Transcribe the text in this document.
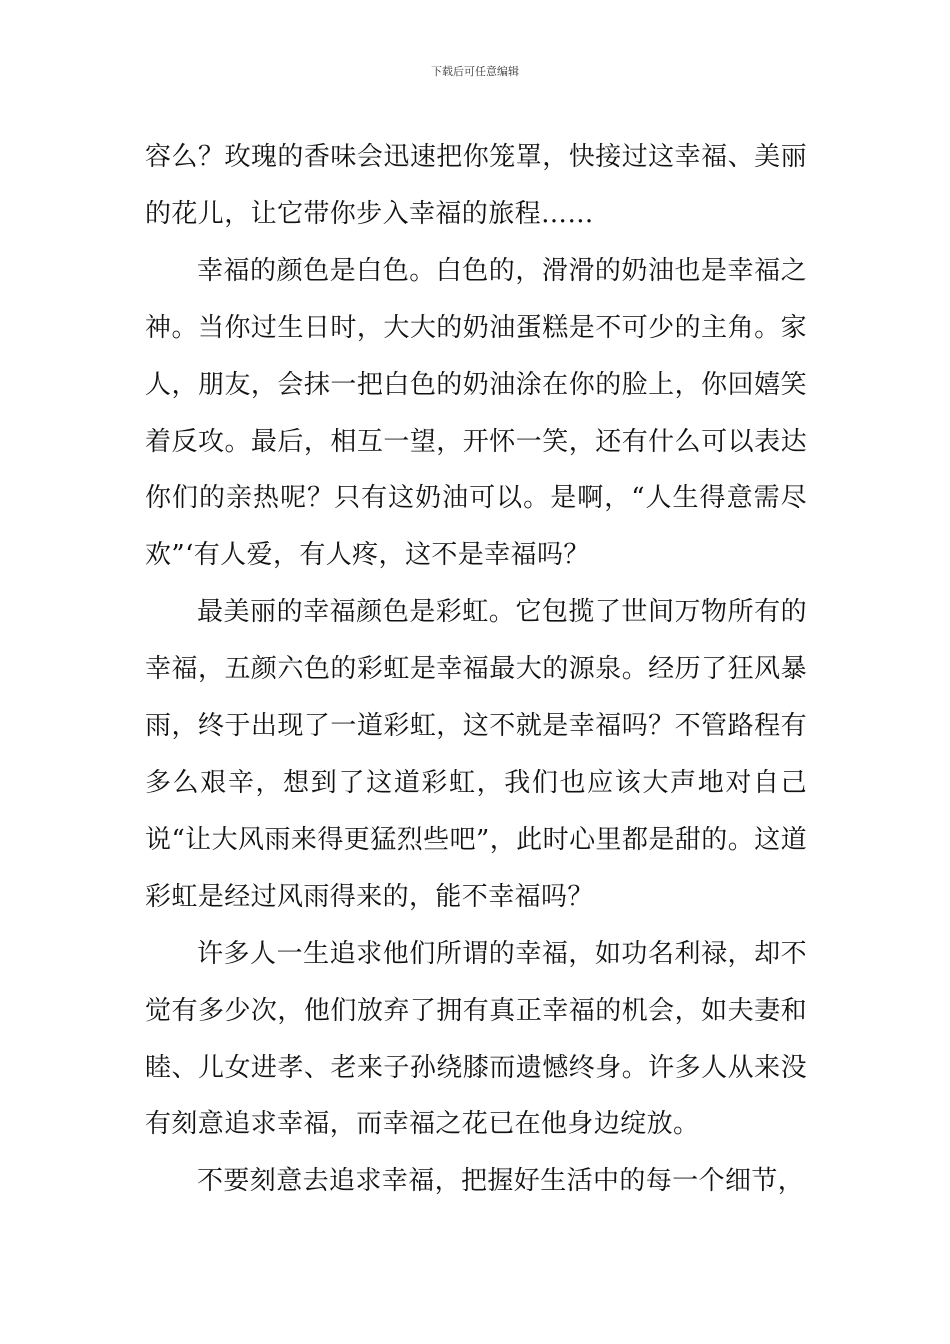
下载后可任意编辑

容么？玫瑰的香味会迅速把你笼罩，快接过这幸福、美丽的花儿，让它带你步入幸福的旅程……

幸福的颜色是白色。白色的，滑滑的奶油也是幸福之神。当你过生日时，大大的奶油蛋糕是不可少的主角。家人，朋友，会抹一把白色的奶油涂在你的脸上，你回嬉笑着反攻。最后，相互一望，开怀一笑，还有什么可以表达你们的亲热呢？只有这奶油可以。是啊，“人生得意需尽欢”‘有人爱，有人疼，这不是幸福吗？

最美丽的幸福颜色是彩虹。它包揽了世间万物所有的幸福，五颜六色的彩虹是幸福最大的源泉。经历了狂风暴雨，终于出现了一道彩虹，这不就是幸福吗？不管路程有多么艰辛，想到了这道彩虹，我们也应该大声地对自己说“让大风雨来得更猛烈些吧”，此时心里都是甜的。这道彩虹是经过风雨得来的，能不幸福吗？

许多人一生追求他们所谓的幸福，如功名利禄，却不觉有多少次，他们放弃了拥有真正幸福的机会，如夫妻和睦、儿女进孝、老来子孙绕膝而遗憾终身。许多人从来没有刻意追求幸福，而幸福之花已在他身边绽放。

不要刻意去追求幸福，把握好生活中的每一个细节，
